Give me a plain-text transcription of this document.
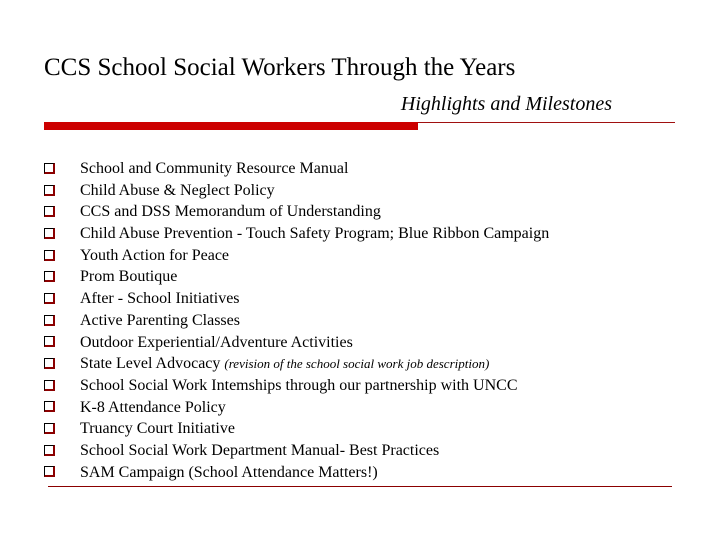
CCS School Social Workers Through the Years
Highlights and Milestones
School and Community Resource Manual
Child Abuse & Neglect Policy
CCS and DSS Memorandum of Understanding
Child Abuse Prevention - Touch Safety Program; Blue Ribbon Campaign
Youth Action for Peace
Prom Boutique
After - School Initiatives
Active Parenting Classes
Outdoor Experiential/Adventure Activities
State Level Advocacy (revision of the school social work job description)
School Social Work Intemships through our partnership with UNCC
K-8 Attendance Policy
Truancy Court Initiative
School Social Work Department Manual- Best Practices
SAM Campaign (School Attendance Matters!)
